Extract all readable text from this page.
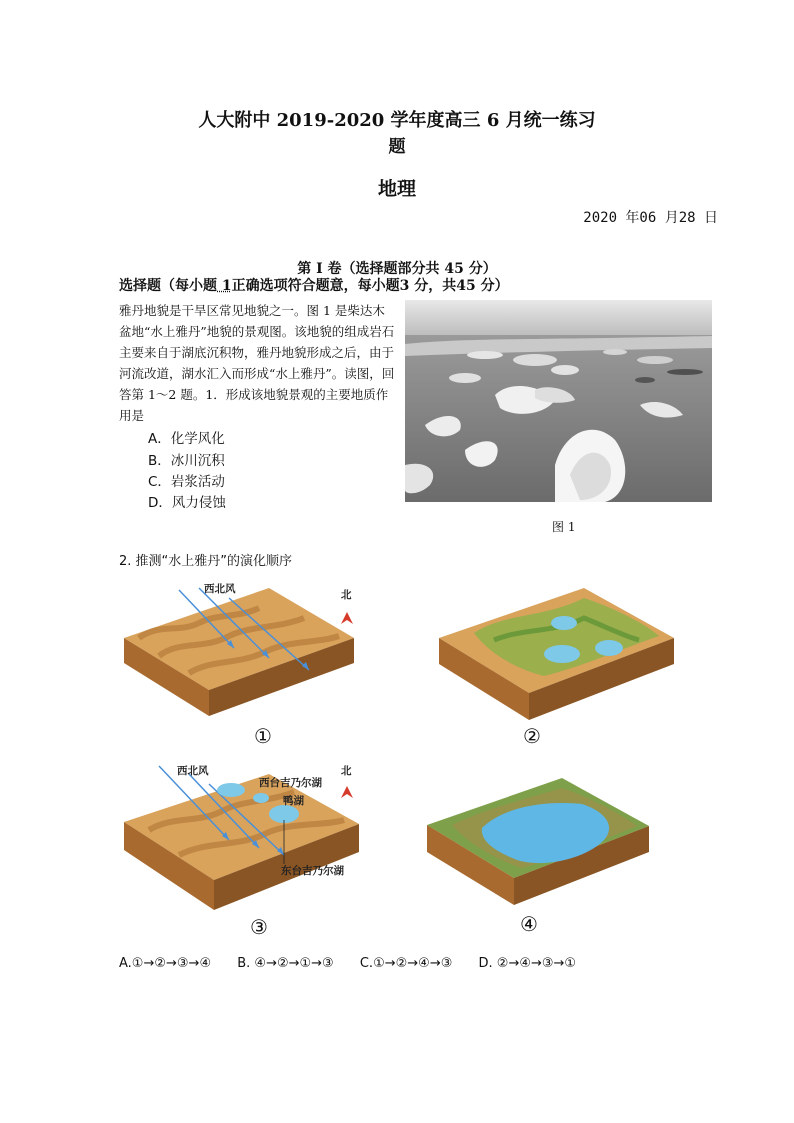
人大附中 2019-2020 学年度高三 6 月统一练习
题
地理
2020 年06 月28 日
第 I 卷（选择题部分共 45 分）
选择题（每小题 1正确选项符合题意，每小题3 分，共45 分）
雅丹地貌是干旱区常见地貌之一。图 1 是柴达木盆地“水上雅丹”地貌的景观图。该地貌的组成岩石主要来自于湖底沉积物，雅丹地貌形成之后，由于河流改道，湖水汇入而形成“水上雅丹”。读图，回答第 1～2 题。1．形成该地貌景观的主要地质作用是
A．化学风化
B．冰川沉积
C．岩浆活动
D．风力侵蚀
图 1
2. 推测“水上雅丹”的演化顺序
西北风	北
①	②
西北风
西台吉乃尔湖
鸭湖
东台吉乃尔湖
北
③	④
A.①→②→③→④ B. ④→②→①→③ C.①→②→④→③ D. ②→④→③→①
